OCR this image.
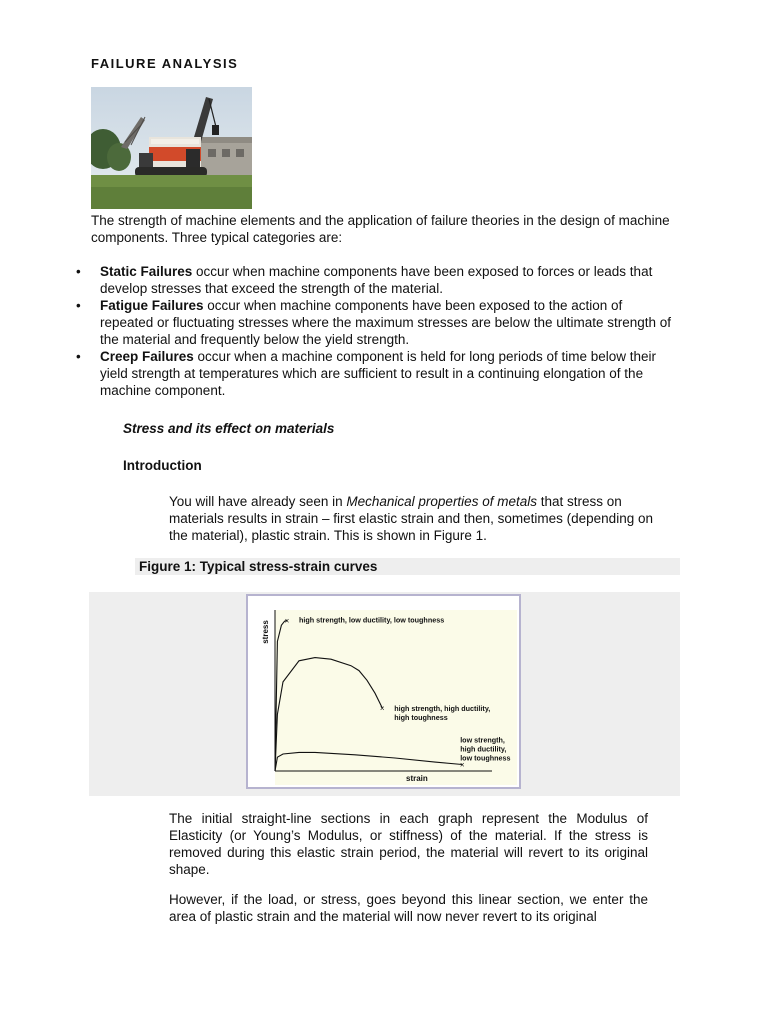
FAILURE ANALYSIS
The strength of machine elements and the application of failure theories in the design of machine components. Three typical categories are:
• Static Failures occur when machine components have been exposed to forces or leads that develop stresses that exceed the strength of the material.
• Fatigue Failures occur when machine components have been exposed to the action of repeated or fluctuating stresses where the maximum stresses are below the ultimate strength of the material and frequently below the yield strength.
• Creep Failures occur when a machine component is held for long periods of time below their yield strength at temperatures which are sufficient to result in a continuing elongation of the machine component.
Stress and its effect on materials
Introduction
You will have already seen in Mechanical properties of metals that stress on materials results in strain – first elastic strain and then, sometimes (depending on the material), plastic strain. This is shown in Figure 1.
Figure 1: Typical stress-strain curves
stress
strain
× high strength, low ductility, low toughness
× high strength, high ductility, high toughness
×
low strength, high ductility, low toughness
The initial straight-line sections in each graph represent the Modulus of Elasticity (or Young’s Modulus, or stiffness) of the material. If the stress is removed during this elastic strain period, the material will revert to its original shape.
However, if the load, or stress, goes beyond this linear section, we enter the area of plastic strain and the material will now never revert to its original
